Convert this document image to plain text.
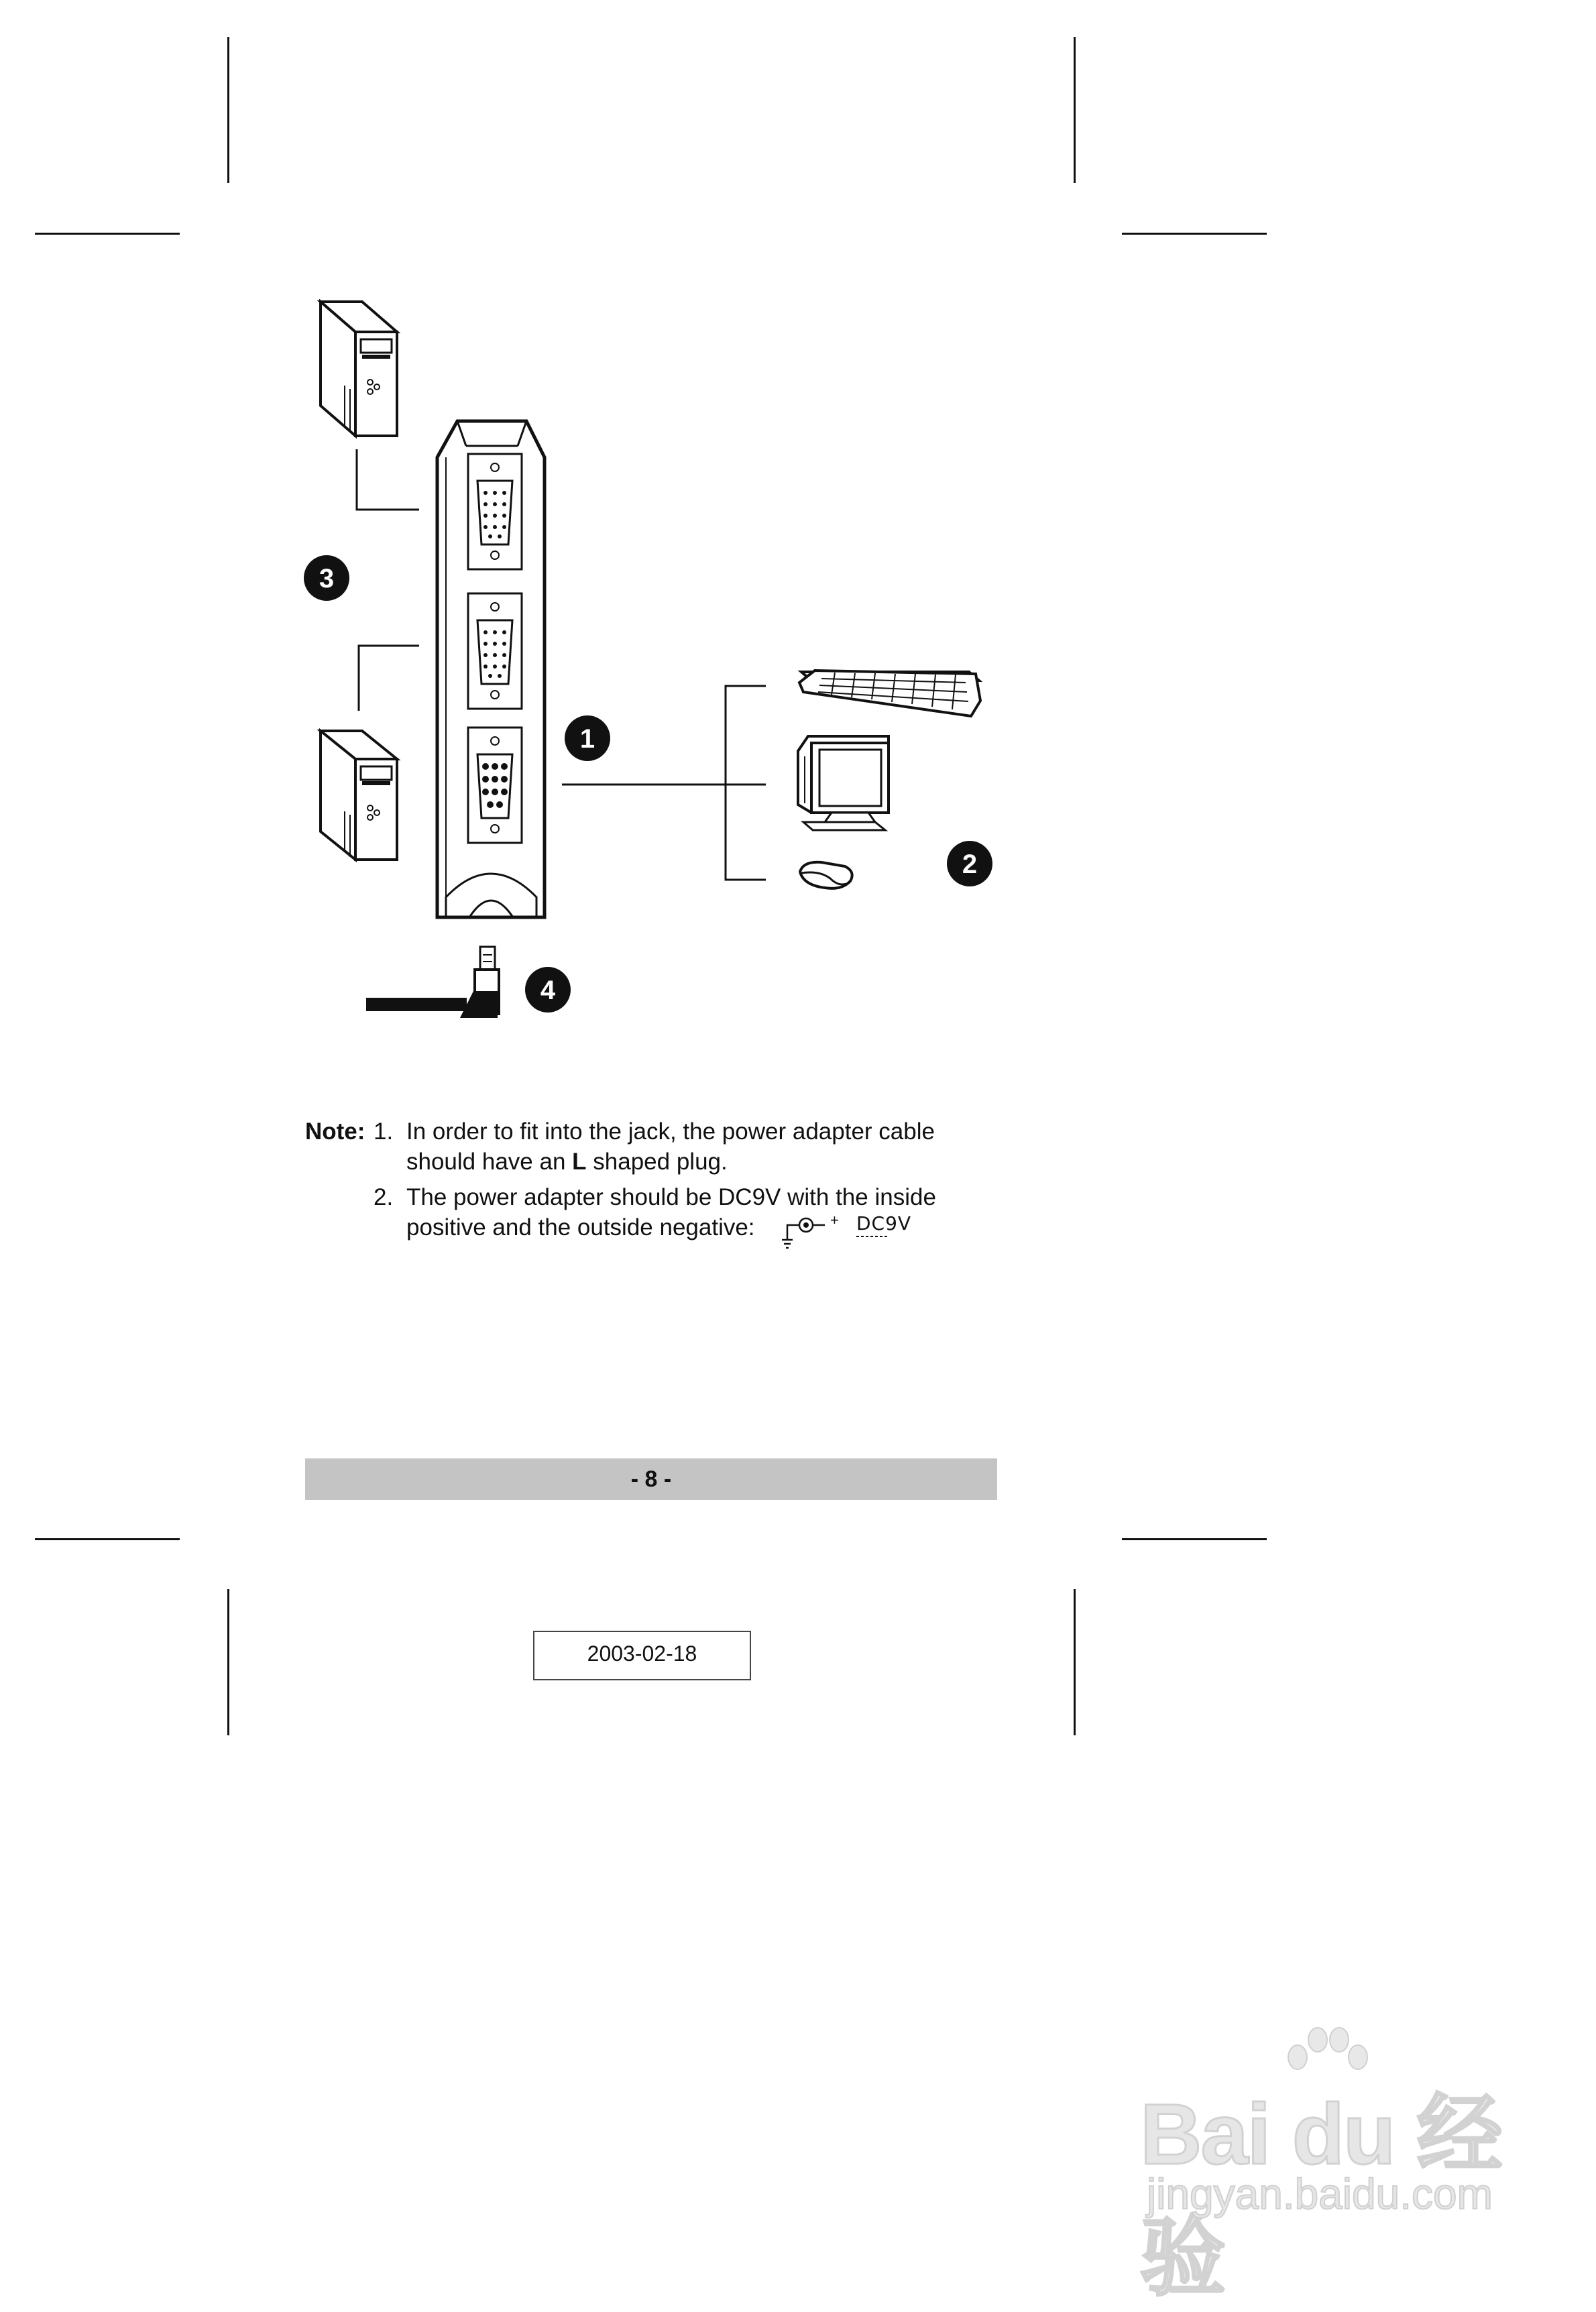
3
1
2
4
Note: 1. In order to fit into the jack, the power adapter cable
should have an L shaped plug.
2. The power adapter should be DC9V with the inside
positive and the outside negative:	+ DC9V
- 8 -
2003-02-18
Bai du 经验
jingyan.baidu.com
